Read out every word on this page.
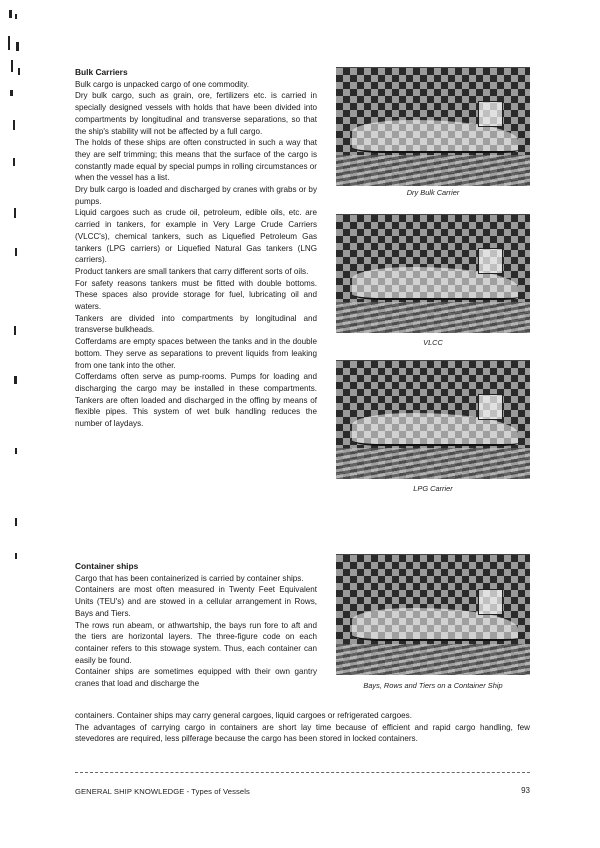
Bulk Carriers

Bulk cargo is unpacked cargo of one commodity.

Dry bulk cargo, such as grain, ore, fertilizers etc. is carried in specially designed vessels with holds that have been divided into compartments by longitudinal and transverse separations, so that the ship's stability will not be affected by a full cargo.

The holds of these ships are often constructed in such a way that they are self trimming; this means that the surface of the cargo is constantly made equal by special pumps in rolling circumstances or when the vessel has a list.

Dry bulk cargo is loaded and discharged by cranes with grabs or by pumps.

Liquid cargoes such as crude oil, petroleum, edible oils, etc. are carried in tankers, for example in Very Large Crude Carriers (VLCC's), chemical tankers, such as Liquefied Petroleum Gas tankers (LPG carriers) or Liquefied Natural Gas tankers (LNG carriers).

Product tankers are small tankers that carry different sorts of oils.

For safety reasons tankers must be fitted with double bottoms. These spaces also provide storage for fuel, lubricating oil and waters.

Tankers are divided into compartments by longitudinal and transverse bulkheads.

Cofferdams are empty spaces between the tanks and in the double bottom. They serve as separations to prevent liquids from leaking from one tank into the other.

Cofferdams often serve as pump-rooms. Pumps for loading and discharging the cargo may be installed in these compartments. Tankers are often loaded and discharged in the offing by means of flexible pipes. This system of wet bulk handling reduces the number of laydays.

Container ships

Cargo that has been containerized is carried by container ships.

Containers are most often measured in Twenty Feet Equivalent Units (TEU's) and are stowed in a cellular arrangement in Rows, Bays and Tiers.

The rows run abeam, or athwartship, the bays run fore to aft and the tiers are horizontal layers. The three-figure code on each container refers to this stowage system. Thus, each container can easily be found.

Container ships are sometimes equipped with their own gantry cranes that load and discharge the

containers. Container ships may carry general cargoes, liquid cargoes or refrigerated cargoes.

The advantages of carrying cargo in containers are short lay time because of efficient and rapid cargo handling, few stevedores are required, less pilferage because the cargo has been stored in locked containers.

Dry Bulk Carrier
VLCC
LPG Carrier
Bays, Rows and Tiers on a Container Ship
GENERAL SHIP KNOWLEDGE - Types of Vessels	93
